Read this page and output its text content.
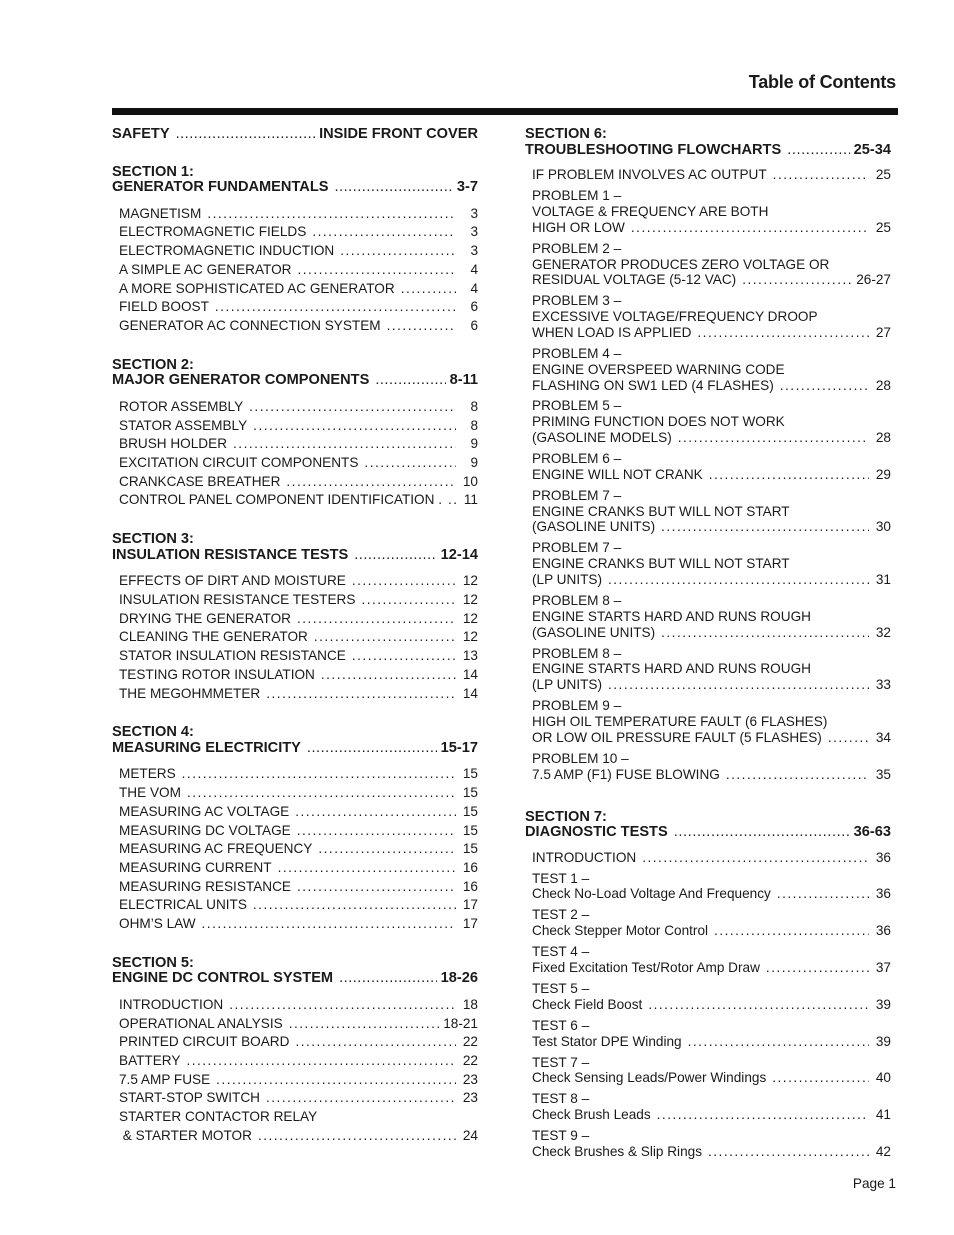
Table of Contents
SAFETY .....	INSIDE FRONT COVER
SECTION 1:
GENERATOR FUNDAMENTALS .....	3-7
MAGNETISM .....	3
ELECTROMAGNETIC FIELDS .....	3
ELECTROMAGNETIC INDUCTION .....	3
A SIMPLE AC GENERATOR .....	4
A MORE SOPHISTICATED AC GENERATOR .....	4
FIELD BOOST .....	6
GENERATOR AC CONNECTION SYSTEM .....	6
SECTION 2:
MAJOR GENERATOR COMPONENTS .....	8-11
ROTOR ASSEMBLY .....	8
STATOR ASSEMBLY .....	8
BRUSH HOLDER .....	9
EXCITATION CIRCUIT COMPONENTS .....	9
CRANKCASE BREATHER .....	10
CONTROL PANEL COMPONENT IDENTIFICATION . ..... 11
SECTION 3:
INSULATION RESISTANCE TESTS .....	12-14
EFFECTS OF DIRT AND MOISTURE .....	12
INSULATION RESISTANCE TESTERS .....	12
DRYING THE GENERATOR .....	12
CLEANING THE GENERATOR .....	12
STATOR INSULATION RESISTANCE .....	13
TESTING ROTOR INSULATION .....	14
THE MEGOHMMETER .....	14
SECTION 4:
MEASURING ELECTRICITY .....	15-17
METERS .....	15
THE VOM .....	15
MEASURING AC VOLTAGE .....	15
MEASURING DC VOLTAGE .....	15
MEASURING AC FREQUENCY .....	15
MEASURING CURRENT .....	16
MEASURING RESISTANCE .....	16
ELECTRICAL UNITS .....	17
OHM’S LAW .....	17
SECTION 5:
ENGINE DC CONTROL SYSTEM .....	18-26
INTRODUCTION .....	18
OPERATIONAL ANALYSIS .....	18-21
PRINTED CIRCUIT BOARD .....	22
BATTERY .....	22
7.5 AMP FUSE .....	23
START-STOP SWITCH .....	23
STARTER CONTACTOR RELAY
& STARTER MOTOR .....	24
SECTION 6:
TROUBLESHOOTING FLOWCHARTS .....	25-34
IF PROBLEM INVOLVES AC OUTPUT .....	25
PROBLEM 1 –
VOLTAGE & FREQUENCY ARE BOTH
HIGH OR LOW .....	25
PROBLEM 2 –
GENERATOR PRODUCES ZERO VOLTAGE OR
RESIDUAL VOLTAGE (5-12 VAC) .....	26-27
PROBLEM 3 –
EXCESSIVE VOLTAGE/FREQUENCY DROOP
WHEN LOAD IS APPLIED .....	27
PROBLEM 4 –
ENGINE OVERSPEED WARNING CODE
FLASHING ON SW1 LED (4 FLASHES) .....	28
PROBLEM 5 –
PRIMING FUNCTION DOES NOT WORK
(GASOLINE MODELS) .....	28
PROBLEM 6 –
ENGINE WILL NOT CRANK .....	29
PROBLEM 7 –
ENGINE CRANKS BUT WILL NOT START
(GASOLINE UNITS) .....	30
PROBLEM 7 –
ENGINE CRANKS BUT WILL NOT START
(LP UNITS) .....	31
PROBLEM 8 –
ENGINE STARTS HARD AND RUNS ROUGH
(GASOLINE UNITS) .....	32
PROBLEM 8 –
ENGINE STARTS HARD AND RUNS ROUGH
(LP UNITS) .....	33
PROBLEM 9 –
HIGH OIL TEMPERATURE FAULT (6 FLASHES)
OR LOW OIL PRESSURE FAULT (5 FLASHES) .....	34
PROBLEM 10 –
7.5 AMP (F1) FUSE BLOWING .....	35
SECTION 7:
DIAGNOSTIC TESTS .....	36-63
INTRODUCTION .....	36
TEST 1 –
Check No-Load Voltage And Frequency .....	36
TEST 2 –
Check Stepper Motor Control .....	36
TEST 4 –
Fixed Excitation Test/Rotor Amp Draw .....	37
TEST 5 –
Check Field Boost .....	39
TEST 6 –
Test Stator DPE Winding .....	39
TEST 7 –
Check Sensing Leads/Power Windings .....	40
TEST 8 –
Check Brush Leads .....	41
TEST 9 –
Check Brushes & Slip Rings .....	42
Page 1
